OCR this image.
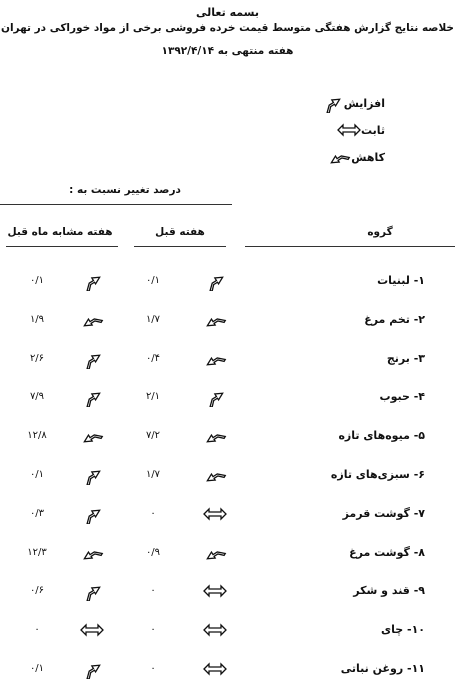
بسمه تعالی
خلاصه نتایج گزارش هفتگی متوسط قیمت خرده فروشی برخی از مواد خوراکی در تهران
هفته منتهی به ۱۳۹۲/۴/۱۴
افزایش
ثابت
کاهش
درصد تغییر نسبت به :
هفته مشابه ماه قبل	هفته قبل	گروه
۱- لبنیات
۰/۱
۰/۱
۲- تخم مرغ
۱/۷
۱/۹
۳- برنج
۰/۴
۲/۶
۴- حبوب
۲/۱
۷/۹
۵- میوه‌های تازه
۷/۲
۱۲/۸
۶- سبزی‌های تازه
۱/۷
۰/۱
۷- گوشت قرمز
۰
۰/۳
۸- گوشت مرغ
۰/۹
۱۲/۳
۹- قند و شکر
۰
۰/۶
۱۰- چای
۰
۰
۱۱- روغن نباتی
۰
۰/۱
